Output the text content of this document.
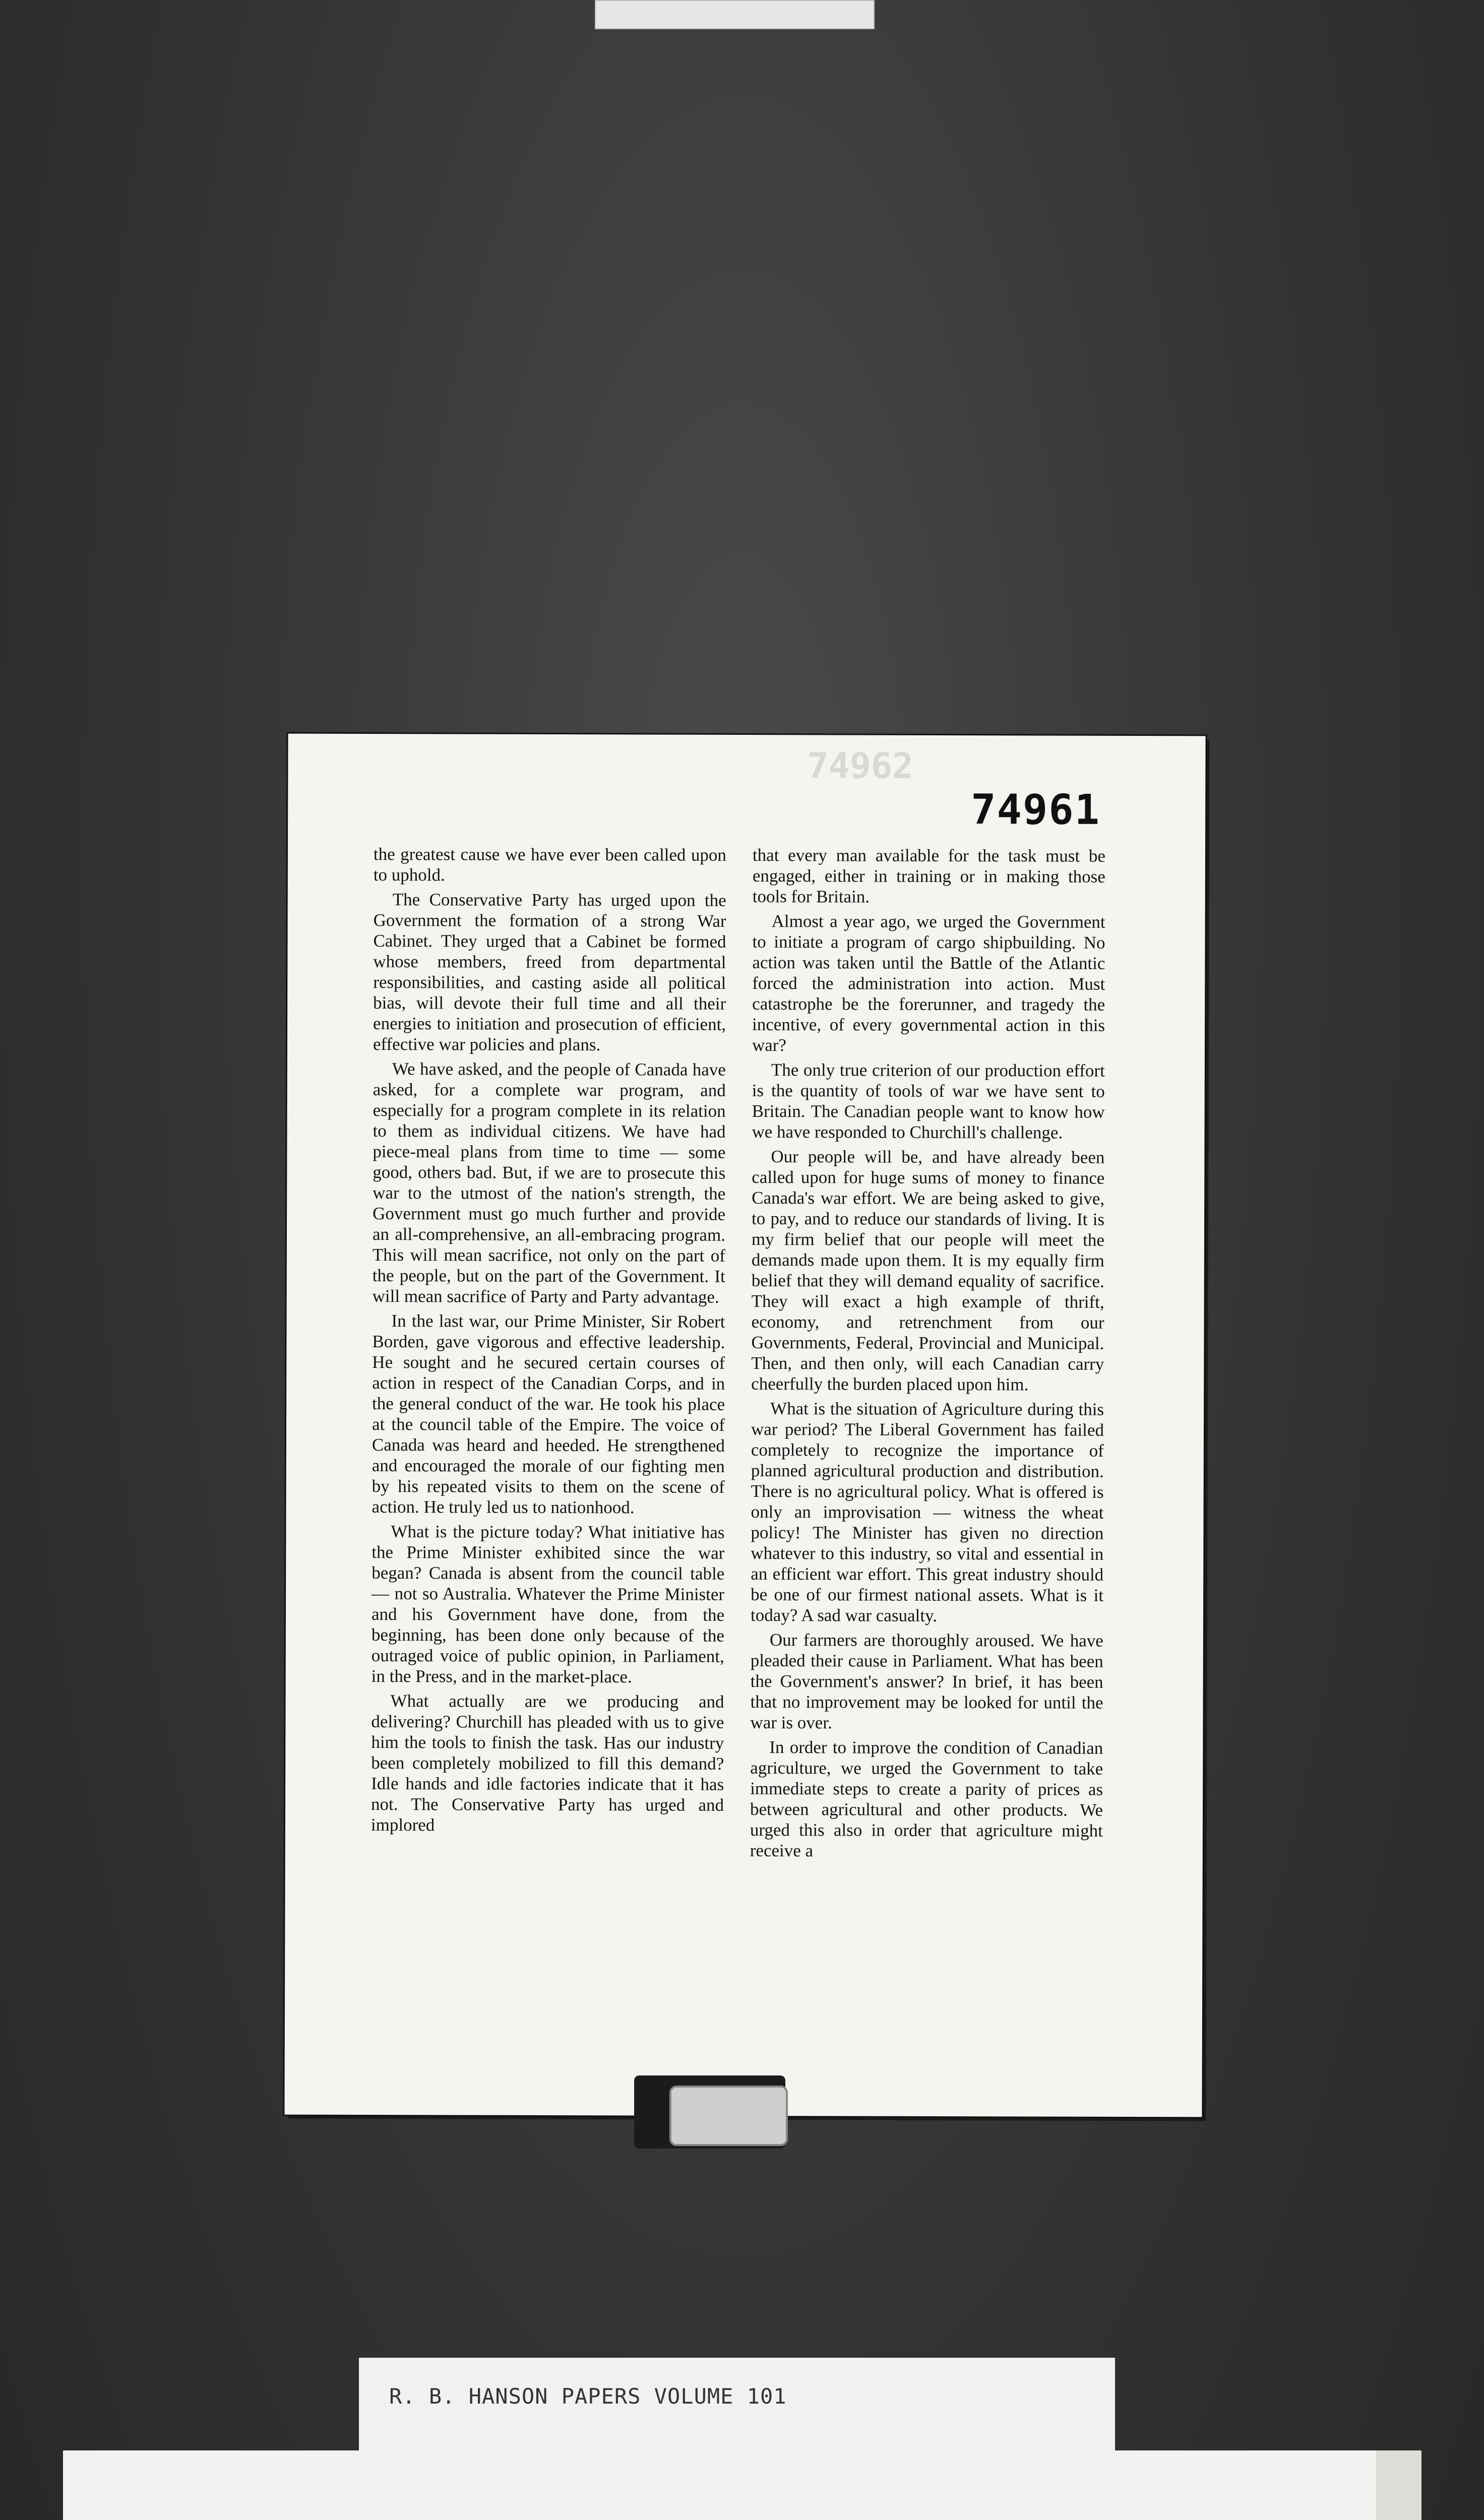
74962
74961

the greatest cause we have ever been called upon to uphold.

The Conservative Party has urged upon the Government the formation of a strong War Cabinet. They urged that a Cabinet be formed whose members, freed from departmental responsibilities, and casting aside all political bias, will devote their full time and all their energies to initiation and prosecution of efficient, effective war policies and plans.

We have asked, and the people of Canada have asked, for a complete war program, and especially for a program complete in its relation to them as individual citizens. We have had piece-meal plans from time to time — some good, others bad. But, if we are to prosecute this war to the utmost of the nation's strength, the Government must go much further and provide an all-comprehensive, an all-embracing program. This will mean sacrifice, not only on the part of the people, but on the part of the Government. It will mean sacrifice of Party and Party advantage.

In the last war, our Prime Minister, Sir Robert Borden, gave vigorous and effective leadership. He sought and he secured certain courses of action in respect of the Canadian Corps, and in the general conduct of the war. He took his place at the council table of the Empire. The voice of Canada was heard and heeded. He strengthened and encouraged the morale of our fighting men by his repeated visits to them on the scene of action. He truly led us to nationhood.

What is the picture today? What initiative has the Prime Minister exhibited since the war began? Canada is absent from the council table — not so Australia. Whatever the Prime Minister and his Government have done, from the beginning, has been done only because of the outraged voice of public opinion, in Parliament, in the Press, and in the market-place.

What actually are we producing and delivering? Churchill has pleaded with us to give him the tools to finish the task. Has our industry been completely mobilized to fill this demand? Idle hands and idle factories indicate that it has not. The Conservative Party has urged and implored

that every man available for the task must be engaged, either in training or in making those tools for Britain.

Almost a year ago, we urged the Government to initiate a program of cargo shipbuilding. No action was taken until the Battle of the Atlantic forced the administration into action. Must catastrophe be the forerunner, and tragedy the incentive, of every governmental action in this war?

The only true criterion of our production effort is the quantity of tools of war we have sent to Britain. The Canadian people want to know how we have responded to Churchill's challenge.

Our people will be, and have already been called upon for huge sums of money to finance Canada's war effort. We are being asked to give, to pay, and to reduce our standards of living. It is my firm belief that our people will meet the demands made upon them. It is my equally firm belief that they will demand equality of sacrifice. They will exact a high example of thrift, economy, and retrenchment from our Governments, Federal, Provincial and Municipal. Then, and then only, will each Canadian carry cheerfully the burden placed upon him.

What is the situation of Agriculture during this war period? The Liberal Government has failed completely to recognize the importance of planned agricultural production and distribution. There is no agricultural policy. What is offered is only an improvisation — witness the wheat policy! The Minister has given no direction whatever to this industry, so vital and essential in an efficient war effort. This great industry should be one of our firmest national assets. What is it today? A sad war casualty.

Our farmers are thoroughly aroused. We have pleaded their cause in Parliament. What has been the Government's answer? In brief, it has been that no improvement may be looked for until the war is over.

In order to improve the condition of Canadian agriculture, we urged the Government to take immediate steps to create a parity of prices as between agricultural and other products. We urged this also in order that agriculture might receive a

R. B. HANSON PAPERS VOLUME 101
